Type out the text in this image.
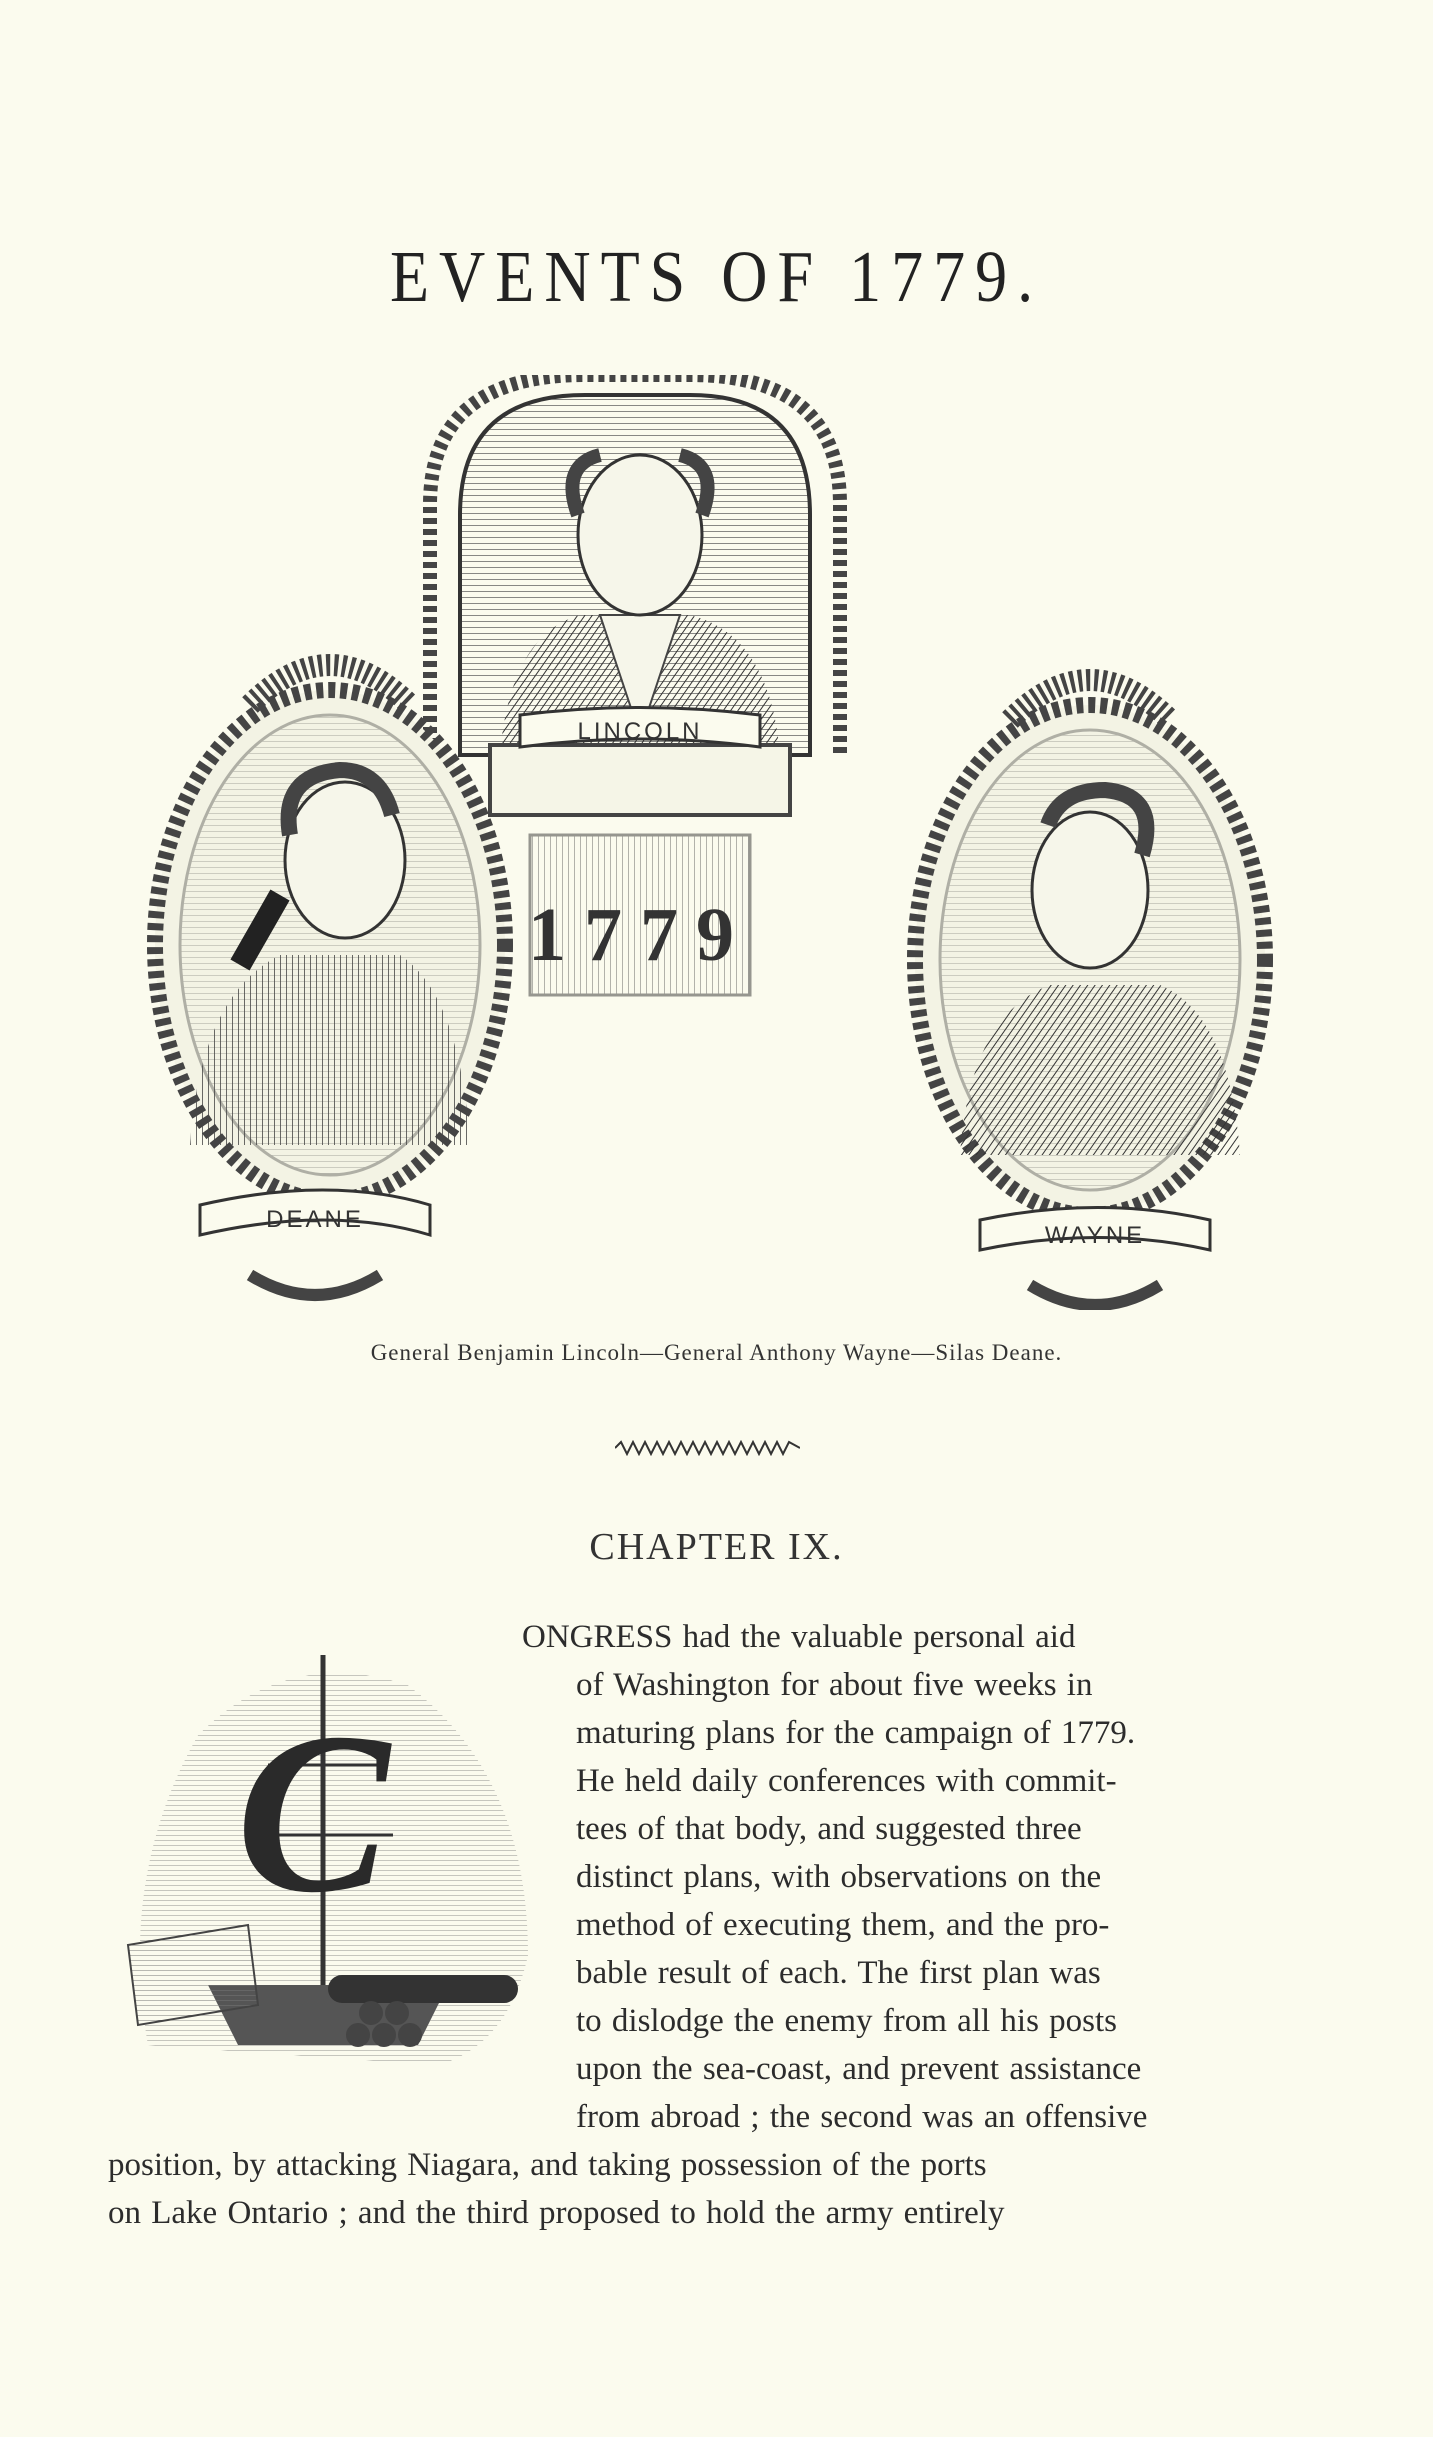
EVENTS OF 1779.
1779
DEANE
LINCOLN
WAYNE
General Benjamin Lincoln—General Anthony Wayne—Silas Deane.
CHAPTER IX.
C
ONGRESS had the valuable personal aid
of Washington for about five weeks in
maturing plans for the campaign of 1779.
He held daily conferences with commit-
tees of that body, and suggested three
distinct plans, with observations on the
method of executing them, and the pro-
bable result of each. The first plan was
to dislodge the enemy from all his posts
upon the sea-coast, and prevent assistance
from abroad ; the second was an offensive
position, by attacking Niagara, and taking possession of the ports
on Lake Ontario ; and the third proposed to hold the army entirely
